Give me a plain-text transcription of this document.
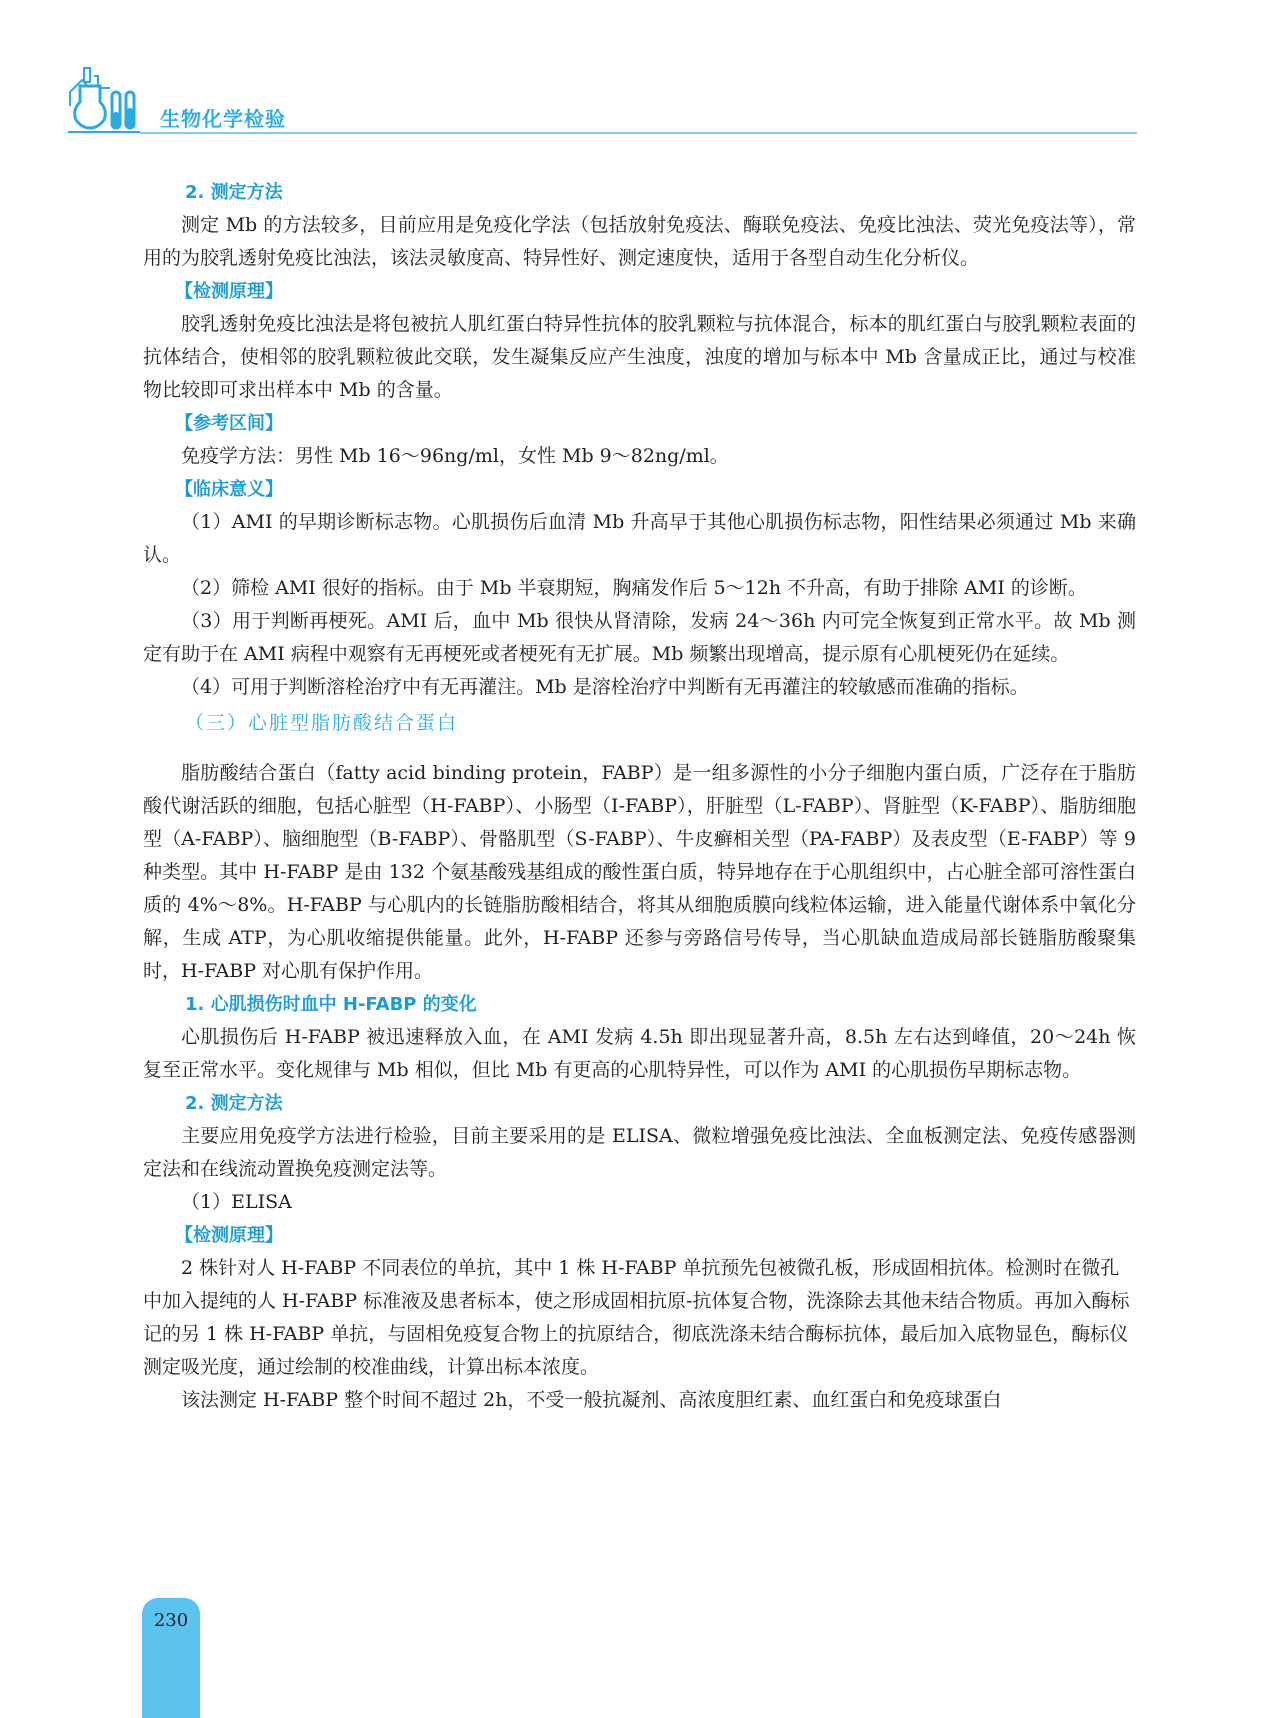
生物化学检验
2. 测定方法
测定 Mb 的方法较多，目前应用是免疫化学法（包括放射免疫法、酶联免疫法、免疫比浊法、荧光免疫法等），常用的为胶乳透射免疫比浊法，该法灵敏度高、特异性好、测定速度快，适用于各型自动生化分析仪。
【检测原理】
胶乳透射免疫比浊法是将包被抗人肌红蛋白特异性抗体的胶乳颗粒与抗体混合，标本的肌红蛋白与胶乳颗粒表面的抗体结合，使相邻的胶乳颗粒彼此交联，发生凝集反应产生浊度，浊度的增加与标本中 Mb 含量成正比，通过与校准物比较即可求出样本中 Mb 的含量。
【参考区间】
免疫学方法：男性 Mb 16～96ng/ml，女性 Mb 9～82ng/ml。
【临床意义】
（1）AMI 的早期诊断标志物。心肌损伤后血清 Mb 升高早于其他心肌损伤标志物，阳性结果必须通过 Mb 来确认。
（2）筛检 AMI 很好的指标。由于 Mb 半衰期短，胸痛发作后 5～12h 不升高，有助于排除 AMI 的诊断。
（3）用于判断再梗死。AMI 后，血中 Mb 很快从肾清除，发病 24～36h 内可完全恢复到正常水平。故 Mb 测定有助于在 AMI 病程中观察有无再梗死或者梗死有无扩展。Mb 频繁出现增高，提示原有心肌梗死仍在延续。
（4）可用于判断溶栓治疗中有无再灌注。Mb 是溶栓治疗中判断有无再灌注的较敏感而准确的指标。
（三）心脏型脂肪酸结合蛋白
脂肪酸结合蛋白（fatty acid binding protein，FABP）是一组多源性的小分子细胞内蛋白质，广泛存在于脂肪酸代谢活跃的细胞，包括心脏型（H-FABP）、小肠型（I-FABP），肝脏型（L-FABP）、肾脏型（K-FABP）、脂肪细胞型（A-FABP）、脑细胞型（B-FABP）、骨骼肌型（S-FABP）、牛皮癣相关型（PA-FABP）及表皮型（E-FABP）等 9 种类型。其中 H-FABP 是由 132 个氨基酸残基组成的酸性蛋白质，特异地存在于心肌组织中，占心脏全部可溶性蛋白质的 4%～8%。H-FABP 与心肌内的长链脂肪酸相结合，将其从细胞质膜向线粒体运输，进入能量代谢体系中氧化分解，生成 ATP，为心肌收缩提供能量。此外，H-FABP 还参与旁路信号传导，当心肌缺血造成局部长链脂肪酸聚集时，H-FABP 对心肌有保护作用。
1. 心肌损伤时血中 H-FABP 的变化
心肌损伤后 H-FABP 被迅速释放入血，在 AMI 发病 4.5h 即出现显著升高，8.5h 左右达到峰值，20～24h 恢复至正常水平。变化规律与 Mb 相似，但比 Mb 有更高的心肌特异性，可以作为 AMI 的心肌损伤早期标志物。
2. 测定方法
主要应用免疫学方法进行检验，目前主要采用的是 ELISA、微粒增强免疫比浊法、全血板测定法、免疫传感器测定法和在线流动置换免疫测定法等。
（1）ELISA
【检测原理】
2 株针对人 H-FABP 不同表位的单抗，其中 1 株 H-FABP 单抗预先包被微孔板，形成固相抗体。检测时在微孔中加入提纯的人 H-FABP 标准液及患者标本，使之形成固相抗原-抗体复合物，洗涤除去其他未结合物质。再加入酶标记的另 1 株 H-FABP 单抗，与固相免疫复合物上的抗原结合，彻底洗涤未结合酶标抗体，最后加入底物显色，酶标仪测定吸光度，通过绘制的校准曲线，计算出标本浓度。
该法测定 H-FABP 整个时间不超过 2h，不受一般抗凝剂、高浓度胆红素、血红蛋白和免疫球蛋白
230
